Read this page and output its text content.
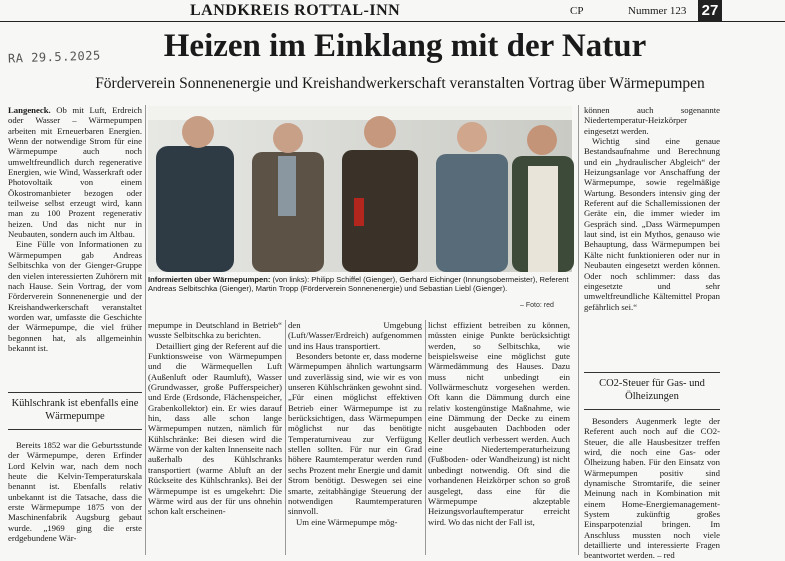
LANDKREIS ROTTAL-INN	CP	Nummer 123 27
RA 29.5.2025	Heizen im Einklang mit der Natur
Förderverein Sonnenenergie und Kreishandwerkerschaft veranstalten Vortrag über Wärmepumpen

Langeneck. Ob mit Luft, Erdreich oder Wasser – Wärmepumpen arbeiten mit Erneuerbaren Energien. Wenn der notwendige Strom für eine Wärmepumpe auch noch umweltfreundlich durch regenerative Energien, wie Wind, Wasserkraft oder Photovoltaik von einem Ökostromanbieter bezogen oder teilweise selbst erzeugt wird, kann man zu 100 Prozent regenerativ heizen. Und das nicht nur in Neubauten, sondern auch im Altbau.

Eine Fülle von Informationen zu Wärmepumpen gab Andreas Selbitschka von der Gienger-Gruppe den vielen interessierten Zuhörern mit nach Hause. Sein Vortrag, der vom Förderverein Sonnenenergie und der Kreishandwerkerschaft veranstaltet worden war, umfasste die Geschichte der Wärmepumpe, die viel früher begonnen hat, als allgemeinhin bekannt ist.

Kühlschrank ist ebenfalls eine Wärmepumpe

Bereits 1852 war die Geburtsstunde der Wärmepumpe, deren Erfinder Lord Kelvin war, nach dem noch heute die Kelvin-Temperaturskala benannt ist. Ebenfalls relativ unbekannt ist die Tatsache, dass die erste Wärmepumpe 1875 von der Maschinenfabrik Augsburg gebaut wurde. „1969 ging die erste erdgebundene Wär-

Informierten über Wärmepumpen: (von links): Philipp Schiffel (Gienger), Gerhard Eichinger (Innungsobermeister), Referent Andreas Selbitschka (Gienger), Martin Tropp (Förderverein Sonnenenergie) und Sebastian Liebl (Gienger).
– Foto: red

mepumpe in Deutschland in Betrieb“ wusste Selbitschka zu berichten.

Detailliert ging der Referent auf die Funktionsweise von Wärmepumpen und die Wärmequellen Luft (Außenluft oder Raumluft), Wasser (Grundwasser, große Pufferspeicher) und Erde (Erdsonde, Flächenspeicher, Grabenkollektor) ein. Er wies darauf hin, dass alle schon lange Wärmepumpen nutzen, nämlich für Kühlschränke: Bei diesen wird die Wärme von der kalten Innenseite nach außerhalb des Kühlschranks transportiert (warme Abluft an der Rückseite des Kühlschranks). Bei der Wärmepumpe ist es umgekehrt: Die Wärme wird aus der für uns ohnehin schon kalt erscheinen-

den Umgebung (Luft/Wasser/Erdreich) aufgenommen und ins Haus transportiert.

Besonders betonte er, dass moderne Wärmepumpen ähnlich wartungsarm und zuverlässig sind, wie wir es von unseren Kühlschränken gewohnt sind. „Für einen möglichst effektiven Betrieb einer Wärmepumpe ist zu berücksichtigen, dass Wärmepumpen möglichst nur das benötigte Temperaturniveau zur Verfügung stellen sollten. Für nur ein Grad höhere Raumtemperatur werden rund sechs Prozent mehr Energie und damit Strom benötigt. Deswegen sei eine smarte, zeitabhängige Steuerung der notwendigen Raumtemperaturen sinnvoll.

Um eine Wärmepumpe mög-

lichst effizient betreiben zu können, müssten einige Punkte berücksichtigt werden, so Selbitschka, wie beispielsweise eine möglichst gute Wärmedämmung des Hauses. Dazu muss nicht unbedingt ein Vollwärmeschutz vorgesehen werden. Oft kann die Dämmung durch eine relativ kostengünstige Maßnahme, wie eine Dämmung der Decke zu einem nicht ausgebauten Dachboden oder Keller deutlich verbessert werden. Auch eine Niedertemperaturheizung (Fußboden- oder Wandheizung) ist nicht unbedingt notwendig. Oft sind die vorhandenen Heizkörper schon so groß ausgelegt, dass eine für die Wärmepumpe akzeptable Heizungsvorlauftemperatur erreicht wird. Wo das nicht der Fall ist,

können auch sogenannte Niedertemperatur-Heizkörper eingesetzt werden.

Wichtig sind eine genaue Bestandsaufnahme und Berechnung und ein „hydraulischer Abgleich“ der Heizungsanlage vor Anschaffung der Wärmepumpe, sowie regelmäßige Wartung. Besonders intensiv ging der Referent auf die Schallemissionen der Geräte ein, die immer wieder im Gespräch sind. „Dass Wärmepumpen laut sind, ist ein Mythos, genauso wie Behauptung, dass Wärmepumpen bei Kälte nicht funktionieren oder nur in Neubauten eingesetzt werden können. Oder noch schlimmer: dass das eingesetzte und sehr umweltfreundliche Kältemittel Propan gefährlich sei.“

CO2-Steuer für Gas- und Ölheizungen

Besonders Augenmerk legte der Referent auch noch auf die CO2-Steuer, die alle Hausbesitzer treffen wird, die noch eine Gas- oder Ölheizung haben. Für den Einsatz von Wärmepumpen positiv sind dynamische Stromtarife, die seiner Meinung nach in Kombination mit einem Home-Energiemanagement-System zukünftig großes Einsparpotenzial bringen. Im Anschluss mussten noch viele detaillierte und interessierte Fragen beantwortet werden. – red
